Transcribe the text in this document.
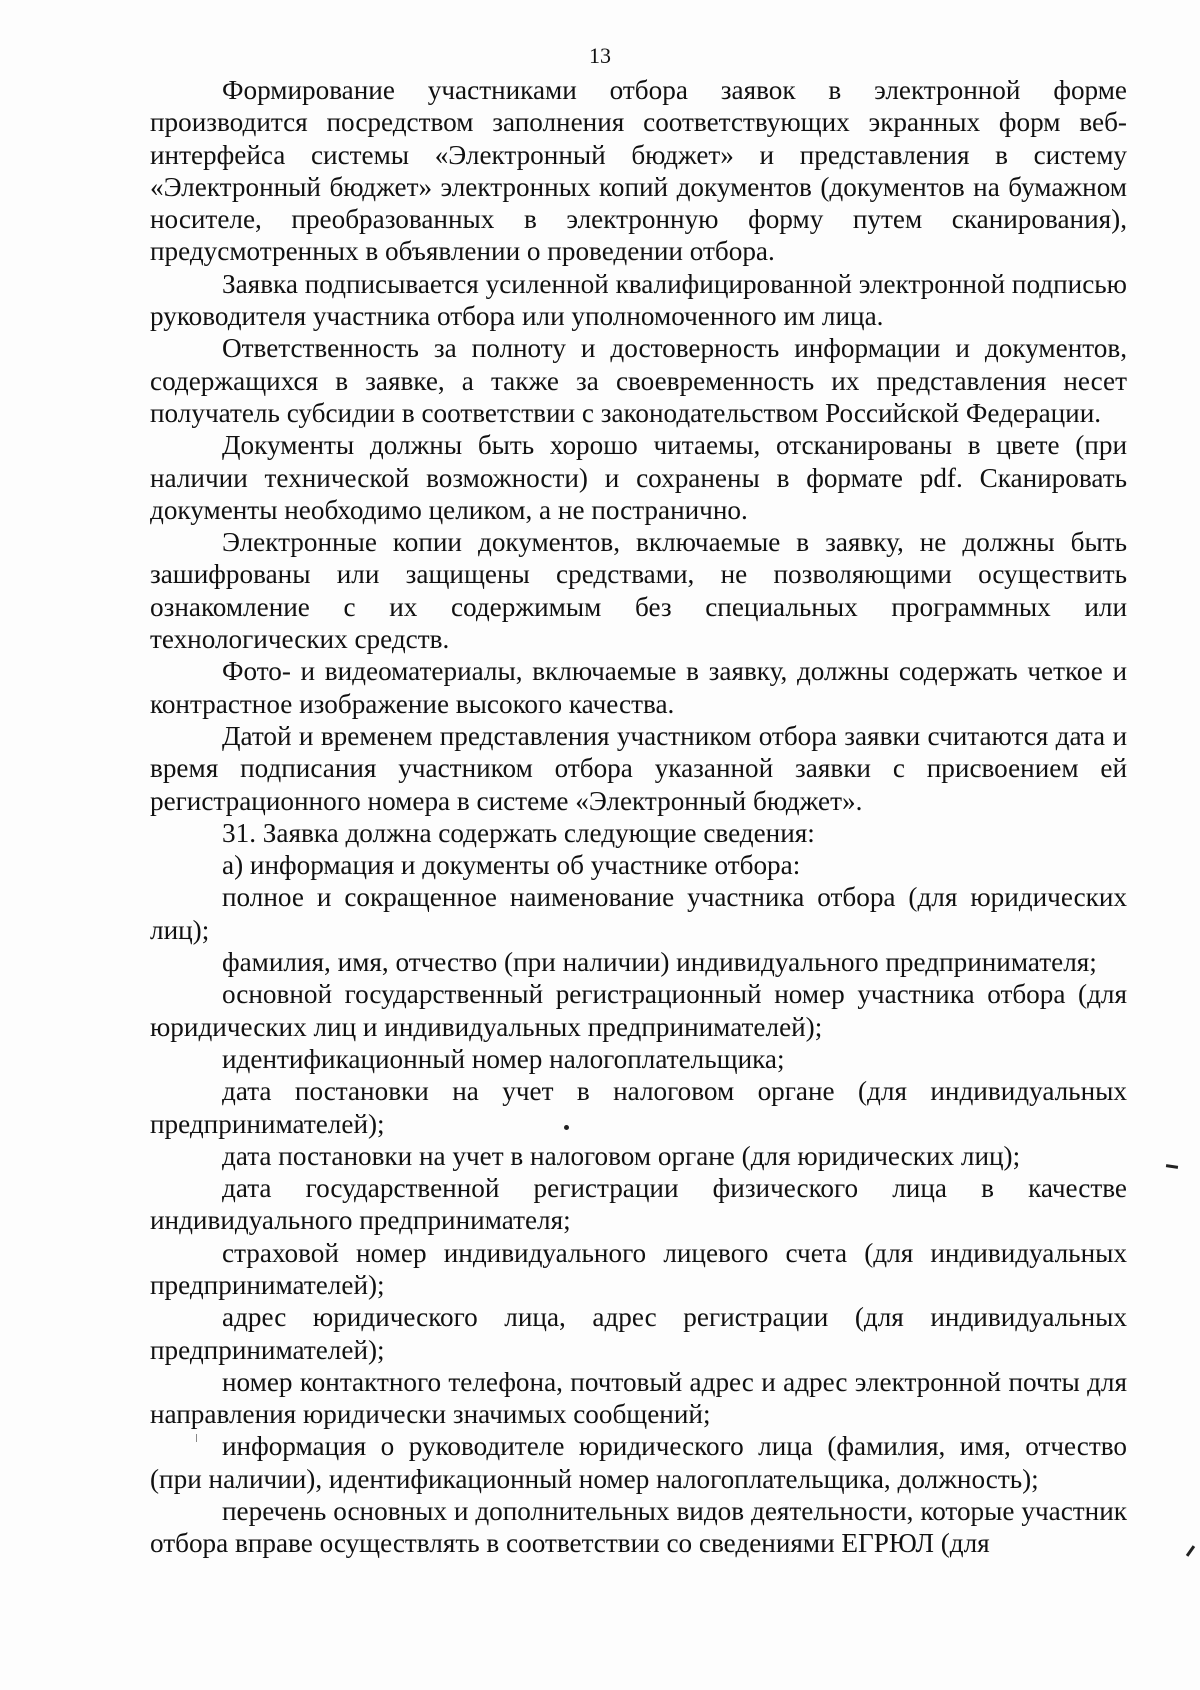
13

Формирование участниками отбора заявок в электронной форме производится посредством заполнения соответствующих экранных форм веб-интерфейса системы «Электронный бюджет» и представления в систему «Электронный бюджет» электронных копий документов (документов на бумажном носителе, преобразованных в электронную форму путем сканирования), предусмотренных в объявлении о проведении отбора.

Заявка подписывается усиленной квалифицированной электронной подписью руководителя участника отбора или уполномоченного им лица.

Ответственность за полноту и достоверность информации и документов, содержащихся в заявке, а также за своевременность их представления несет получатель субсидии в соответствии с законодательством Российской Федерации.

Документы должны быть хорошо читаемы, отсканированы в цвете (при наличии технической возможности) и сохранены в формате pdf. Сканировать документы необходимо целиком, а не постранично.

Электронные копии документов, включаемые в заявку, не должны быть зашифрованы или защищены средствами, не позволяющими осуществить ознакомление с их содержимым без специальных программных или технологических средств.

Фото- и видеоматериалы, включаемые в заявку, должны содержать четкое и контрастное изображение высокого качества.

Датой и временем представления участником отбора заявки считаются дата и время подписания участником отбора указанной заявки с присвоением ей регистрационного номера в системе «Электронный бюджет».

31. Заявка должна содержать следующие сведения:

а) информация и документы об участнике отбора:

полное и сокращенное наименование участника отбора (для юридических лиц);

фамилия, имя, отчество (при наличии) индивидуального предпринимателя;

основной государственный регистрационный номер участника отбора (для юридических лиц и индивидуальных предпринимателей);

идентификационный номер налогоплательщика;

дата постановки на учет в налоговом органе (для индивидуальных предпринимателей);

дата постановки на учет в налоговом органе (для юридических лиц);

дата государственной регистрации физического лица в качестве индивидуального предпринимателя;

страховой номер индивидуального лицевого счета (для индивидуальных предпринимателей);

адрес юридического лица, адрес регистрации (для индивидуальных предпринимателей);

номер контактного телефона, почтовый адрес и адрес электронной почты для направления юридически значимых сообщений;

информация о руководителе юридического лица (фамилия, имя, отчество (при наличии), идентификационный номер налогоплательщика, должность);

перечень основных и дополнительных видов деятельности, которые участник отбора вправе осуществлять в соответствии со сведениями ЕГРЮЛ (для
